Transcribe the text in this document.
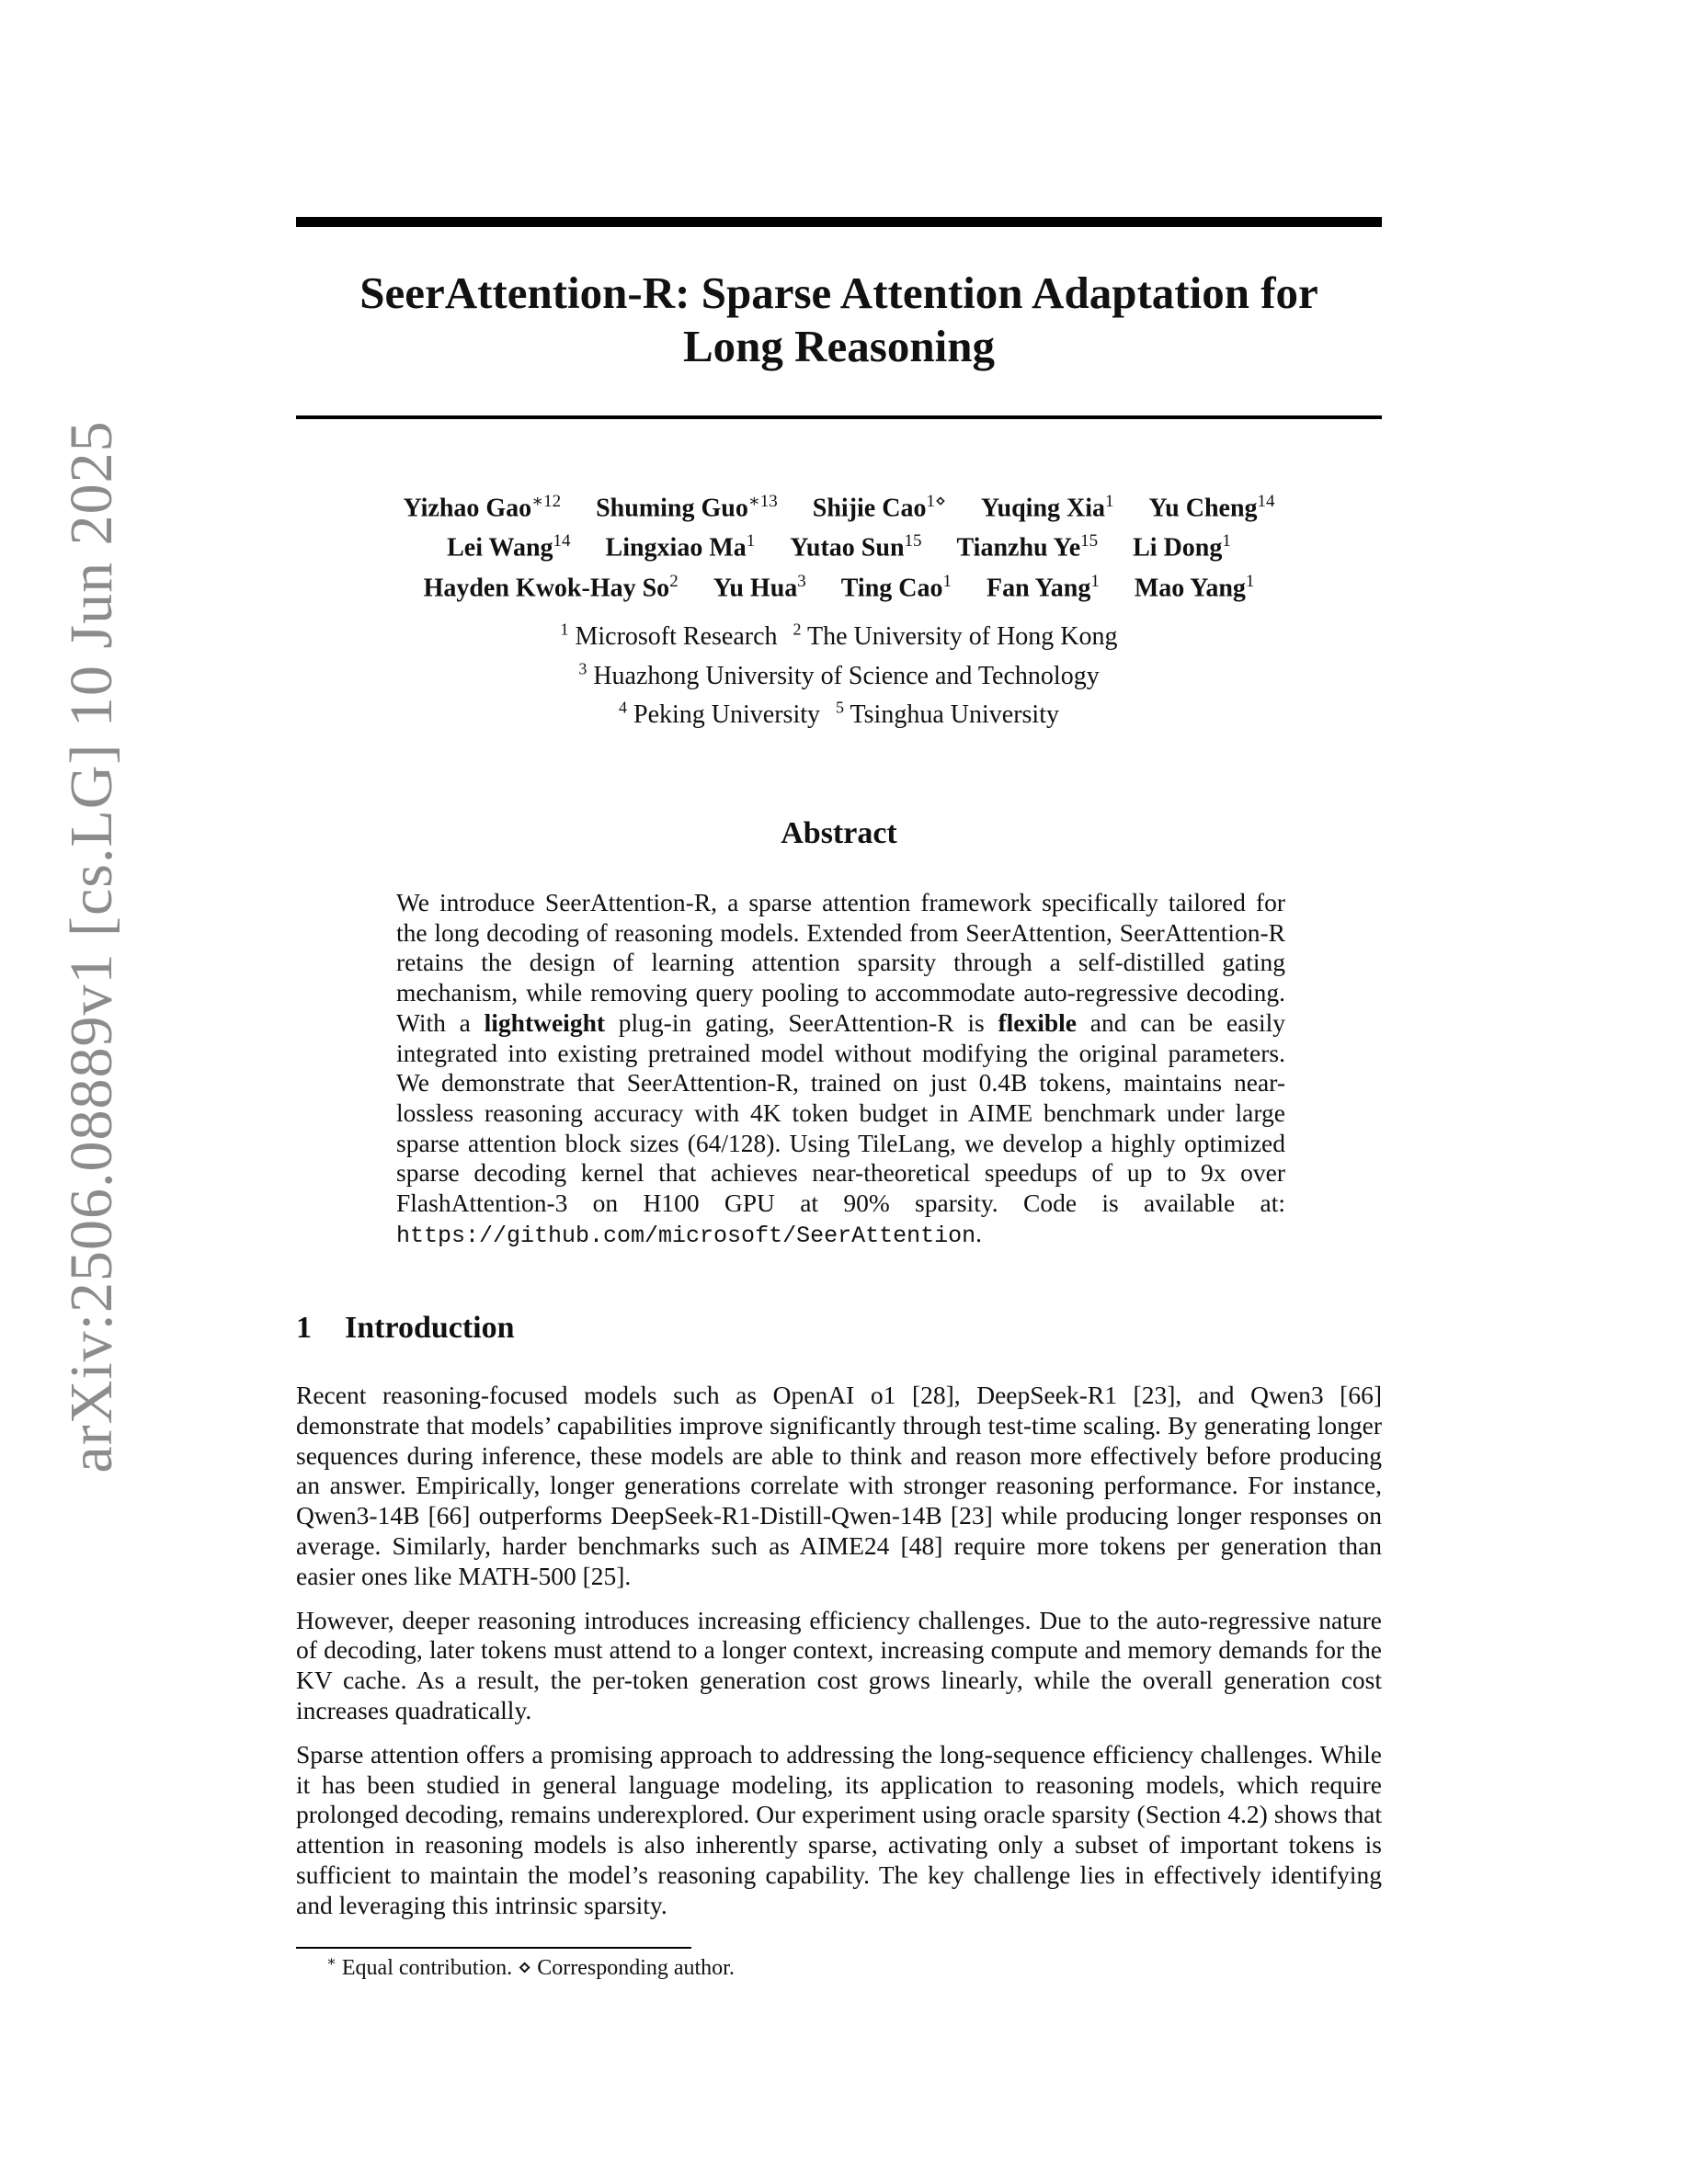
arXiv:2506.08889v1 [cs.LG] 10 Jun 2025
SeerAttention-R: Sparse Attention Adaptation for
Long Reasoning
Yizhao Gao$^{∗12}$ Shuming Guo$^{∗13}$ Shijie Cao$^{1⋄}$ Yuqing Xia$^1$ Yu Cheng$^{14}$
Lei Wang$^{14}$ Lingxiao Ma$^1$ Yutao Sun$^{15}$ Tianzhu Ye$^{15}$ Li Dong$^1$
Hayden Kwok-Hay So$^2$ Yu Hua$^3$ Ting Cao$^1$ Fan Yang$^1$ Mao Yang$^1$
$^1$ Microsoft Research $^2$ The University of Hong Kong
$^3$ Huazhong University of Science and Technology
$^4$ Peking University $^5$ Tsinghua University
Abstract

We introduce SeerAttention-R, a sparse attention framework specifically tailored for the long decoding of reasoning models. Extended from SeerAttention, SeerAttention-R retains the design of learning attention sparsity through a self-distilled gating mechanism, while removing query pooling to accommodate auto-regressive decoding. With a lightweight plug-in gating, SeerAttention-R is flexible and can be easily integrated into existing pretrained model without modifying the original parameters. We demonstrate that SeerAttention-R, trained on just 0.4B tokens, maintains near-lossless reasoning accuracy with 4K token budget in AIME benchmark under large sparse attention block sizes (64/128). Using TileLang, we develop a highly optimized sparse decoding kernel that achieves near-theoretical speedups of up to 9x over FlashAttention-3 on H100 GPU at 90% sparsity. Code is available at: https://github.com/microsoft/SeerAttention.

1 Introduction

Recent reasoning-focused models such as OpenAI o1 [28], DeepSeek-R1 [23], and Qwen3 [66] demonstrate that models’ capabilities improve significantly through test-time scaling. By generating longer sequences during inference, these models are able to think and reason more effectively before producing an answer. Empirically, longer generations correlate with stronger reasoning performance. For instance, Qwen3-14B [66] outperforms DeepSeek-R1-Distill-Qwen-14B [23] while producing longer responses on average. Similarly, harder benchmarks such as AIME24 [48] require more tokens per generation than easier ones like MATH-500 [25].

However, deeper reasoning introduces increasing efficiency challenges. Due to the auto-regressive nature of decoding, later tokens must attend to a longer context, increasing compute and memory demands for the KV cache. As a result, the per-token generation cost grows linearly, while the overall generation cost increases quadratically.

Sparse attention offers a promising approach to addressing the long-sequence efficiency challenges. While it has been studied in general language modeling, its application to reasoning models, which require prolonged decoding, remains underexplored. Our experiment using oracle sparsity (Section 4.2) shows that attention in reasoning models is also inherently sparse, activating only a subset of important tokens is sufficient to maintain the model’s reasoning capability. The key challenge lies in effectively identifying and leveraging this intrinsic sparsity.

∗ Equal contribution. ⋄ Corresponding author.
